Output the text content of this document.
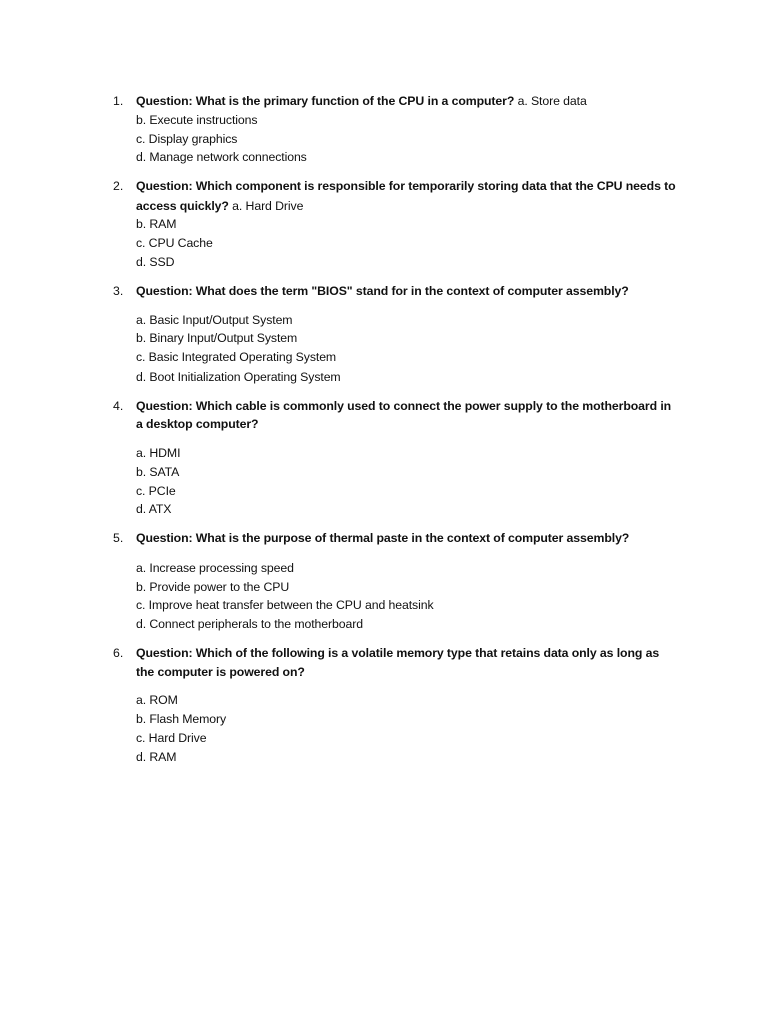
1. Question: What is the primary function of the CPU in a computer? a. Store data
b. Execute instructions
c. Display graphics
d. Manage network connections
2. Question: Which component is responsible for temporarily storing data that the CPU needs to
access quickly? a. Hard Drive
b. RAM
c. CPU Cache
d. SSD
3. Question: What does the term "BIOS" stand for in the context of computer assembly?
a. Basic Input/Output System
b. Binary Input/Output System
c. Basic Integrated Operating System
d. Boot Initialization Operating System
4. Question: Which cable is commonly used to connect the power supply to the motherboard in
a desktop computer?
a. HDMI
b. SATA
c. PCIe
d. ATX
5. Question: What is the purpose of thermal paste in the context of computer assembly?
a. Increase processing speed
b. Provide power to the CPU
c. Improve heat transfer between the CPU and heatsink
d. Connect peripherals to the motherboard
6. Question: Which of the following is a volatile memory type that retains data only as long as
the computer is powered on?
a. ROM
b. Flash Memory
c. Hard Drive
d. RAM
